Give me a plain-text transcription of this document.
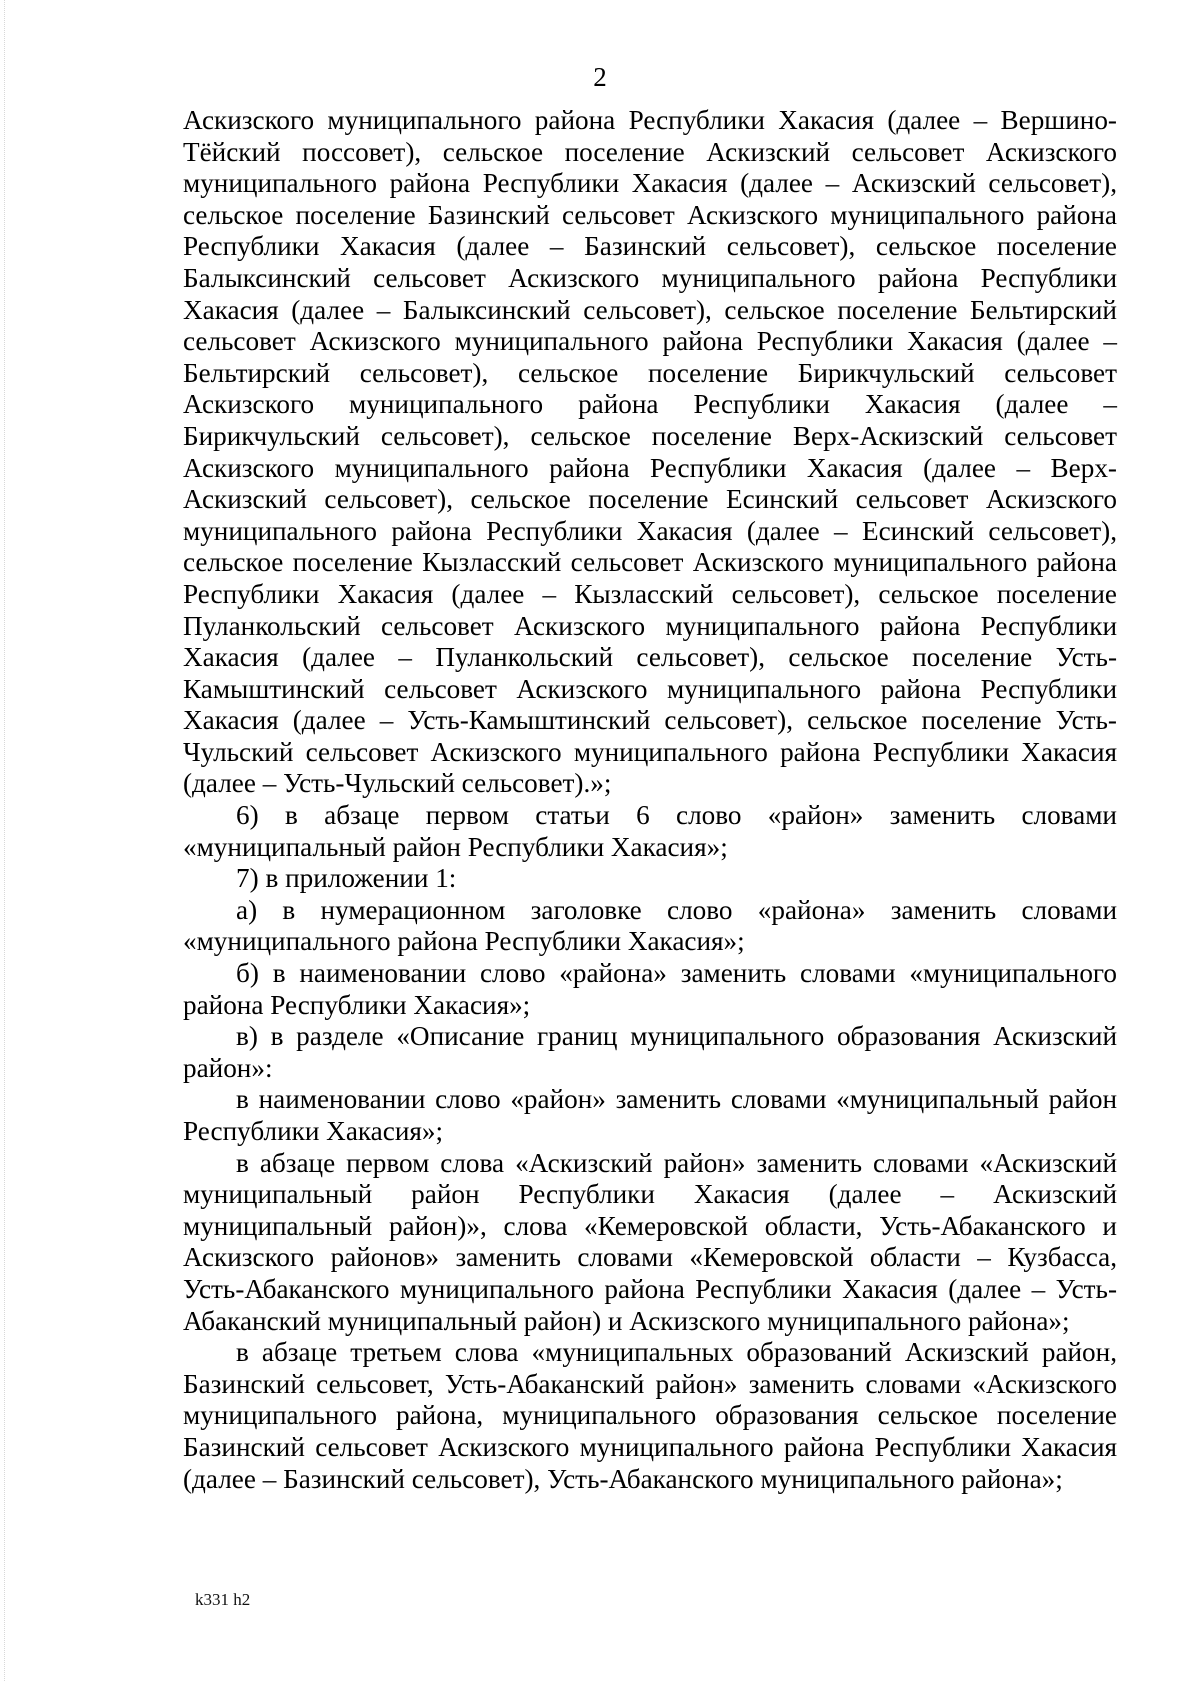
2

Аскизского муниципального района Республики Хакасия (далее – Вершино-Тёйский поссовет), сельское поселение Аскизский сельсовет Аскизского муниципального района Республики Хакасия (далее – Аскизский сельсовет), сельское поселение Базинский сельсовет Аскизского муниципального района Республики Хакасия (далее – Базинский сельсовет), сельское поселение Балыксинский сельсовет Аскизского муниципального района Республики Хакасия (далее – Балыксинский сельсовет), сельское поселение Бельтирский сельсовет Аскизского муниципального района Республики Хакасия (далее – Бельтирский сельсовет), сельское поселение Бирикчульский сельсовет Аскизского муниципального района Республики Хакасия (далее – Бирикчульский сельсовет), сельское поселение Верх-Аскизский сельсовет Аскизского муниципального района Республики Хакасия (далее – Верх-Аскизский сельсовет), сельское поселение Есинский сельсовет Аскизского муниципального района Республики Хакасия (далее – Есинский сельсовет), сельское поселение Кызласский сельсовет Аскизского муниципального района Республики Хакасия (далее – Кызласский сельсовет), сельское поселение Пуланкольский сельсовет Аскизского муниципального района Республики Хакасия (далее – Пуланкольский сельсовет), сельское поселение Усть-Камыштинский сельсовет Аскизского муниципального района Республики Хакасия (далее – Усть-Камыштинский сельсовет), сельское поселение Усть-Чульский сельсовет Аскизского муниципального района Республики Хакасия (далее – Усть-Чульский сельсовет).»;

6) в абзаце первом статьи 6 слово «район» заменить словами «муниципальный район Республики Хакасия»;

7) в приложении 1:

а) в нумерационном заголовке слово «района» заменить словами «муниципального района Республики Хакасия»;

б) в наименовании слово «района» заменить словами «муниципального района Республики Хакасия»;

в) в разделе «Описание границ муниципального образования Аскизский район»:

в наименовании слово «район» заменить словами «муниципальный район Республики Хакасия»;

в абзаце первом слова «Аскизский район» заменить словами «Аскизский муниципальный район Республики Хакасия (далее – Аскизский муниципальный район)», слова «Кемеровской области, Усть-Абаканского и Аскизского районов» заменить словами «Кемеровской области – Кузбасса, Усть-Абаканского муниципального района Республики Хакасия (далее – Усть-Абаканский муниципальный район) и Аскизского муниципального района»;

в абзаце третьем слова «муниципальных образований Аскизский район, Базинский сельсовет, Усть-Абаканский район» заменить словами «Аскизского муниципального района, муниципального образования сельское поселение Базинский сельсовет Аскизского муниципального района Республики Хакасия (далее – Базинский сельсовет), Усть-Абаканского муниципального района»;

k331 h2
